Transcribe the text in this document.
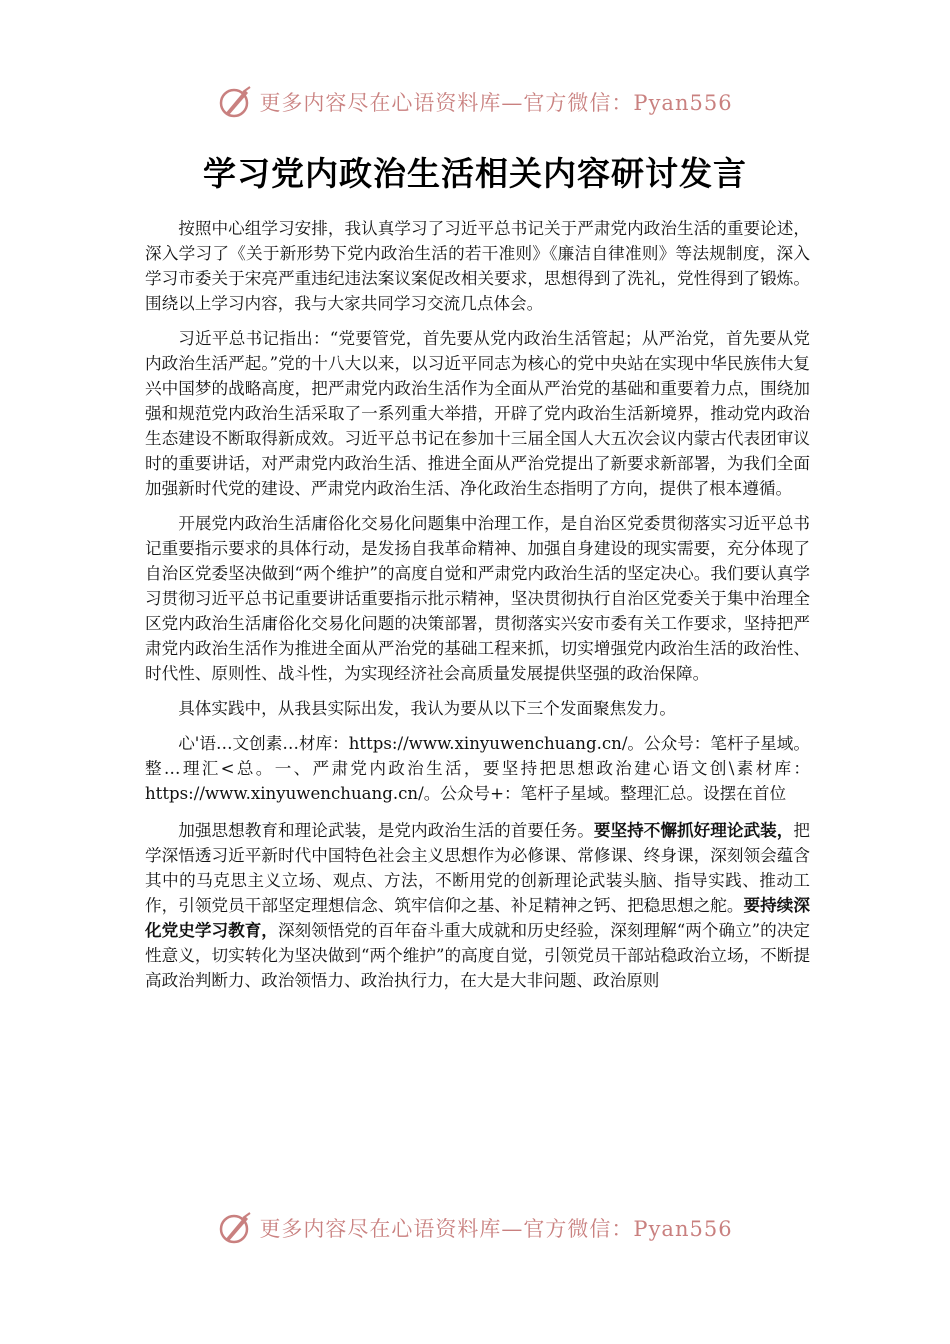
更多内容尽在心语资料库—官方微信：Pyan556
学习党内政治生活相关内容研讨发言

按照中心组学习安排，我认真学习了习近平总书记关于严肃党内政治生活的重要论述，深入学习了《关于新形势下党内政治生活的若干准则》《廉洁自律准则》等法规制度，深入学习市委关于宋亮严重违纪违法案议案促改相关要求，思想得到了洗礼，党性得到了锻炼。围绕以上学习内容，我与大家共同学习交流几点体会。

习近平总书记指出：“党要管党，首先要从党内政治生活管起；从严治党，首先要从党内政治生活严起。”党的十八大以来，以习近平同志为核心的党中央站在实现中华民族伟大复兴中国梦的战略高度，把严肃党内政治生活作为全面从严治党的基础和重要着力点，围绕加强和规范党内政治生活采取了一系列重大举措，开辟了党内政治生活新境界，推动党内政治生态建设不断取得新成效。习近平总书记在参加十三届全国人大五次会议内蒙古代表团审议时的重要讲话，对严肃党内政治生活、推进全面从严治党提出了新要求新部署，为我们全面加强新时代党的建设、严肃党内政治生活、净化政治生态指明了方向，提供了根本遵循。

开展党内政治生活庸俗化交易化问题集中治理工作，是自治区党委贯彻落实习近平总书记重要指示要求的具体行动，是发扬自我革命精神、加强自身建设的现实需要，充分体现了自治区党委坚决做到“两个维护”的高度自觉和严肃党内政治生活的坚定决心。我们要认真学习贯彻习近平总书记重要讲话重要指示批示精神，坚决贯彻执行自治区党委关于集中治理全区党内政治生活庸俗化交易化问题的决策部署，贯彻落实兴安市委有关工作要求，坚持把严肃党内政治生活作为推进全面从严治党的基础工程来抓，切实增强党内政治生活的政治性、时代性、原则性、战斗性，为实现经济社会高质量发展提供坚强的政治保障。

具体实践中，从我县实际出发，我认为要从以下三个发面聚焦发力。

心'语…文创素…材库：https://www.xinyuwenchuang.cn/。公众号：笔杆子星域。整…理汇<总。一、严肃党内政治生活，要坚持把思想政治建心语文创\素材库：https://www.xinyuwenchuang.cn/。公众号+：笔杆子星域。整理汇总。设摆在首位

加强思想教育和理论武装，是党内政治生活的首要任务。要坚持不懈抓好理论武装，把学深悟透习近平新时代中国特色社会主义思想作为必修课、常修课、终身课，深刻领会蕴含其中的马克思主义立场、观点、方法，不断用党的创新理论武装头脑、指导实践、推动工作，引领党员干部坚定理想信念、筑牢信仰之基、补足精神之钙、把稳思想之舵。要持续深化党史学习教育，深刻领悟党的百年奋斗重大成就和历史经验，深刻理解“两个确立”的决定性意义，切实转化为坚决做到“两个维护”的高度自觉，引领党员干部站稳政治立场，不断提高政治判断力、政治领悟力、政治执行力，在大是大非问题、政治原则

更多内容尽在心语资料库—官方微信：Pyan556
